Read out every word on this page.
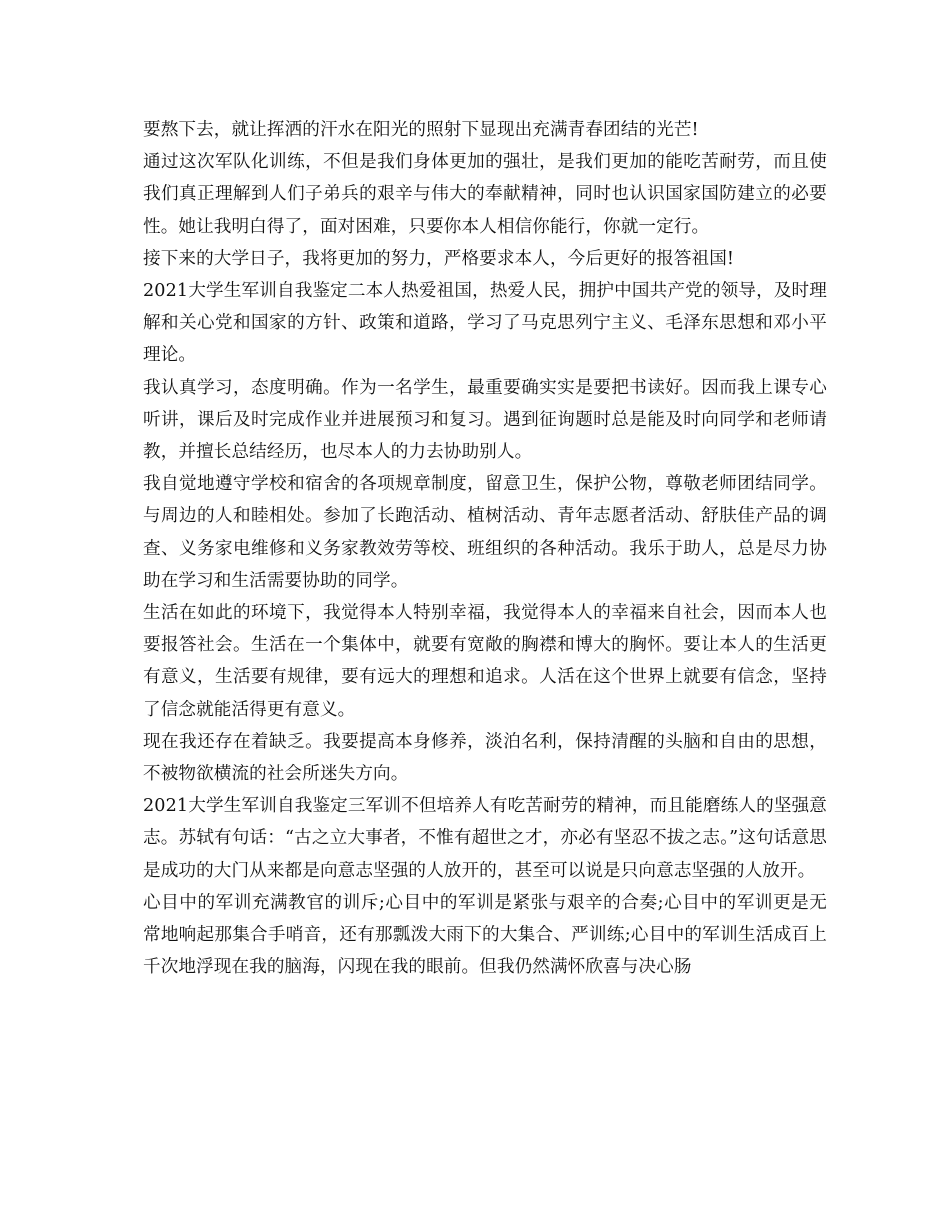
要熬下去，就让挥洒的汗水在阳光的照射下显现出充满青春团结的光芒!

通过这次军队化训练，不但是我们身体更加的强壮，是我们更加的能吃苦耐劳，而且使我们真正理解到人们子弟兵的艰辛与伟大的奉献精神，同时也认识国家国防建立的必要性。她让我明白得了，面对困难，只要你本人相信你能行，你就一定行。

接下来的大学日子，我将更加的努力，严格要求本人，今后更好的报答祖国!

2021大学生军训自我鉴定二本人热爱祖国，热爱人民，拥护中国共产党的领导，及时理解和关心党和国家的方针、政策和道路，学习了马克思列宁主义、毛泽东思想和邓小平理论。

我认真学习，态度明确。作为一名学生，最重要确实实是要把书读好。因而我上课专心听讲，课后及时完成作业并进展预习和复习。遇到征询题时总是能及时向同学和老师请教，并擅长总结经历，也尽本人的力去协助别人。

我自觉地遵守学校和宿舍的各项规章制度，留意卫生，保护公物，尊敬老师团结同学。与周边的人和睦相处。参加了长跑活动、植树活动、青年志愿者活动、舒肤佳产品的调查、义务家电维修和义务家教效劳等校、班组织的各种活动。我乐于助人，总是尽力协助在学习和生活需要协助的同学。

生活在如此的环境下，我觉得本人特别幸福，我觉得本人的幸福来自社会，因而本人也要报答社会。生活在一个集体中，就要有宽敞的胸襟和博大的胸怀。要让本人的生活更有意义，生活要有规律，要有远大的理想和追求。人活在这个世界上就要有信念，坚持了信念就能活得更有意义。

现在我还存在着缺乏。我要提高本身修养，淡泊名利，保持清醒的头脑和自由的思想，不被物欲横流的社会所迷失方向。

2021大学生军训自我鉴定三军训不但培养人有吃苦耐劳的精神，而且能磨练人的坚强意志。苏轼有句话：“古之立大事者，不惟有超世之才，亦必有坚忍不拔之志。”这句话意思是成功的大门从来都是向意志坚强的人放开的，甚至可以说是只向意志坚强的人放开。

心目中的军训充满教官的训斥;心目中的军训是紧张与艰辛的合奏;心目中的军训更是无常地响起那集合手哨音，还有那瓢泼大雨下的大集合、严训练;心目中的军训生活成百上千次地浮现在我的脑海，闪现在我的眼前。但我仍然满怀欣喜与决心肠
